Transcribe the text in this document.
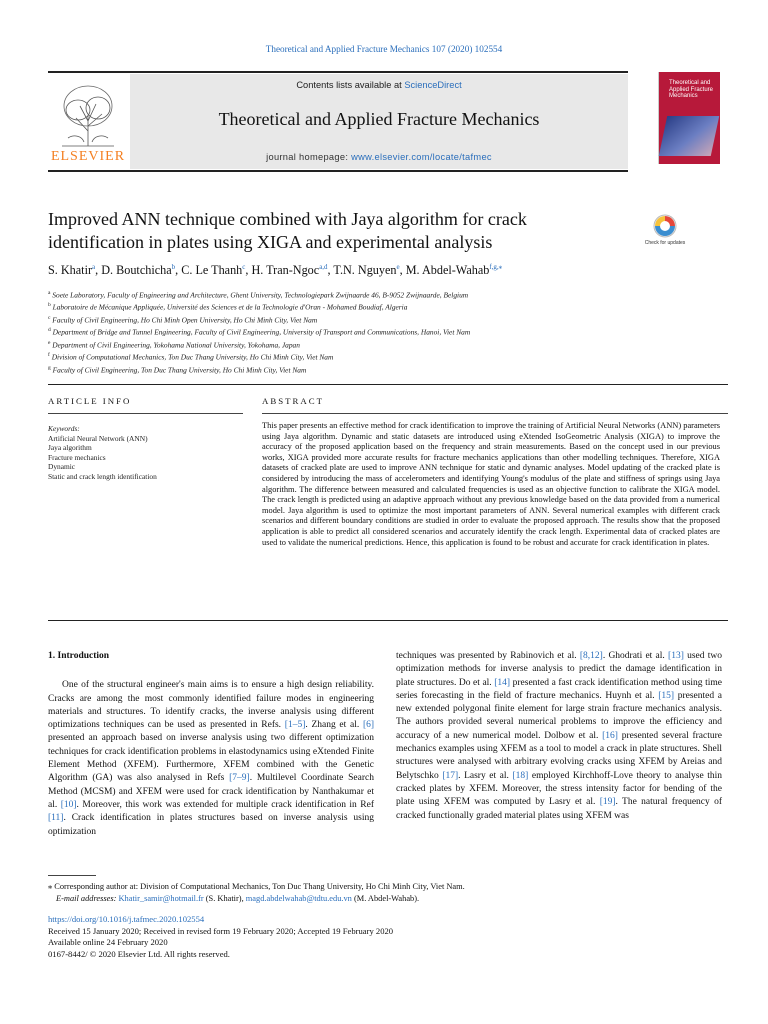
Theoretical and Applied Fracture Mechanics 107 (2020) 102554
ELSEVIER
Contents lists available at ScienceDirect
Theoretical and Applied Fracture Mechanics
journal homepage: www.elsevier.com/locate/tafmec
Theoretical and Applied Fracture Mechanics
Improved ANN technique combined with Jaya algorithm for crack identification in plates using XIGA and experimental analysis	Check for updates
S. Khatir$^a$, D. Boutchicha$^b$, C. Le Thanh$^c$, H. Tran-Ngoc$^{a,d}$, T.N. Nguyen$^e$, M. Abdel-Wahab$^{f,g,⁎}$
$^a$ Soete Laboratory, Faculty of Engineering and Architecture, Ghent University, Technologiepark Zwijnaarde 46, B-9052 Zwijnaarde, Belgium
$^b$ Laboratoire de Mécanique Appliquée, Université des Sciences et de la Technologie d'Oran - Mohamed Boudiaf, Algeria
$^c$ Faculty of Civil Engineering, Ho Chi Minh Open University, Ho Chi Minh City, Viet Nam
$^d$ Department of Bridge and Tunnel Engineering, Faculty of Civil Engineering, University of Transport and Communications, Hanoi, Viet Nam
$^e$ Department of Civil Engineering, Yokohama National University, Yokohama, Japan
$^f$ Division of Computational Mechanics, Ton Duc Thang University, Ho Chi Minh City, Viet Nam
$^g$ Faculty of Civil Engineering, Ton Duc Thang University, Ho Chi Minh City, Viet Nam
ARTICLE INFO	ABSTRACT
Keywords:
Artificial Neural Network (ANN)
Jaya algorithm
Fracture mechanics
Dynamic
Static and crack length identification
This paper presents an effective method for crack identification to improve the training of Artificial Neural Networks (ANN) parameters using Jaya algorithm. Dynamic and static datasets are introduced using eXtended IsoGeometric Analysis (XIGA) to improve the accuracy of the proposed application based on the frequency and strain measurements. Based on the concept used in our previous works, XIGA provided more accurate results for fracture mechanics applications than other modelling techniques. Therefore, XIGA datasets of cracked plate are used to improve ANN technique for static and dynamic analyses. Model updating of the cracked plate is considered by introducing the mass of accelerometers and identifying Young's modulus of the plate and stiffness of springs using Jaya algorithm. The difference between measured and calculated frequencies is used as an objective function to calibrate the XIGA model. The crack length is predicted using an adaptive approach without any previous knowledge based on the data provided from a numerical model. Jaya algorithm is used to optimize the most important parameters of ANN. Several numerical examples with different crack scenarios and different boundary conditions are studied in order to evaluate the proposed approach. The results show that the proposed application is able to predict all considered scenarios and accurately identify the crack length. Experimental data of cracked plates are used to validate the numerical predictions. Hence, this application is found to be robust and accurate for crack identification in plates.
1. Introduction

One of the structural engineer's main aims is to ensure a high design reliability. Cracks are among the most commonly identified failure modes in engineering materials and structures. To identify cracks, the inverse analysis using different optimizations techniques can be used as presented in Refs. [1–5]. Zhang et al. [6] presented an approach based on inverse analysis using two different optimization techniques for crack identification problems in elastodynamics using eXtended Finite Element Method (XFEM). Furthermore, XFEM combined with the Genetic Algorithm (GA) was also analysed in Refs [7–9]. Multilevel Coordinate Search Method (MCSM) and XFEM were used for crack identification by Nanthakumar et al. [10]. Moreover, this work was extended for multiple crack identification in Ref [11]. Crack identification in plates structures based on inverse analysis using optimization

techniques was presented by Rabinovich et al. [8,12]. Ghodrati et al. [13] used two optimization methods for inverse analysis to predict the damage identification in plate structures. Do et al. [14] presented a fast crack identification method using time series forecasting in the field of fracture mechanics. Huynh et al. [15] presented a new extended polygonal finite element for large strain fracture mechanics analysis. The authors provided several numerical problems to improve the efficiency and accuracy of a new numerical model. Dolbow et al. [16] presented several fracture mechanics examples using XFEM as a tool to model a crack in plate structures. Shell structures were analysed with arbitrary evolving cracks using XFEM by Areias and Belytschko [17]. Lasry et al. [18] employed Kirchhoff-Love theory to analyse thin cracked plates by XFEM. Moreover, the stress intensity factor for bending of the plate using XFEM was computed by Lasry et al. [19]. The natural frequency of cracked functionally graded material plates using XFEM was

⁎ Corresponding author at: Division of Computational Mechanics, Ton Duc Thang University, Ho Chi Minh City, Viet Nam.
E-mail addresses: Khatir_samir@hotmail.fr (S. Khatir), magd.abdelwahab@tdtu.edu.vn (M. Abdel-Wahab).
https://doi.org/10.1016/j.tafmec.2020.102554
Received 15 January 2020; Received in revised form 19 February 2020; Accepted 19 February 2020
Available online 24 February 2020
0167-8442/ © 2020 Elsevier Ltd. All rights reserved.
